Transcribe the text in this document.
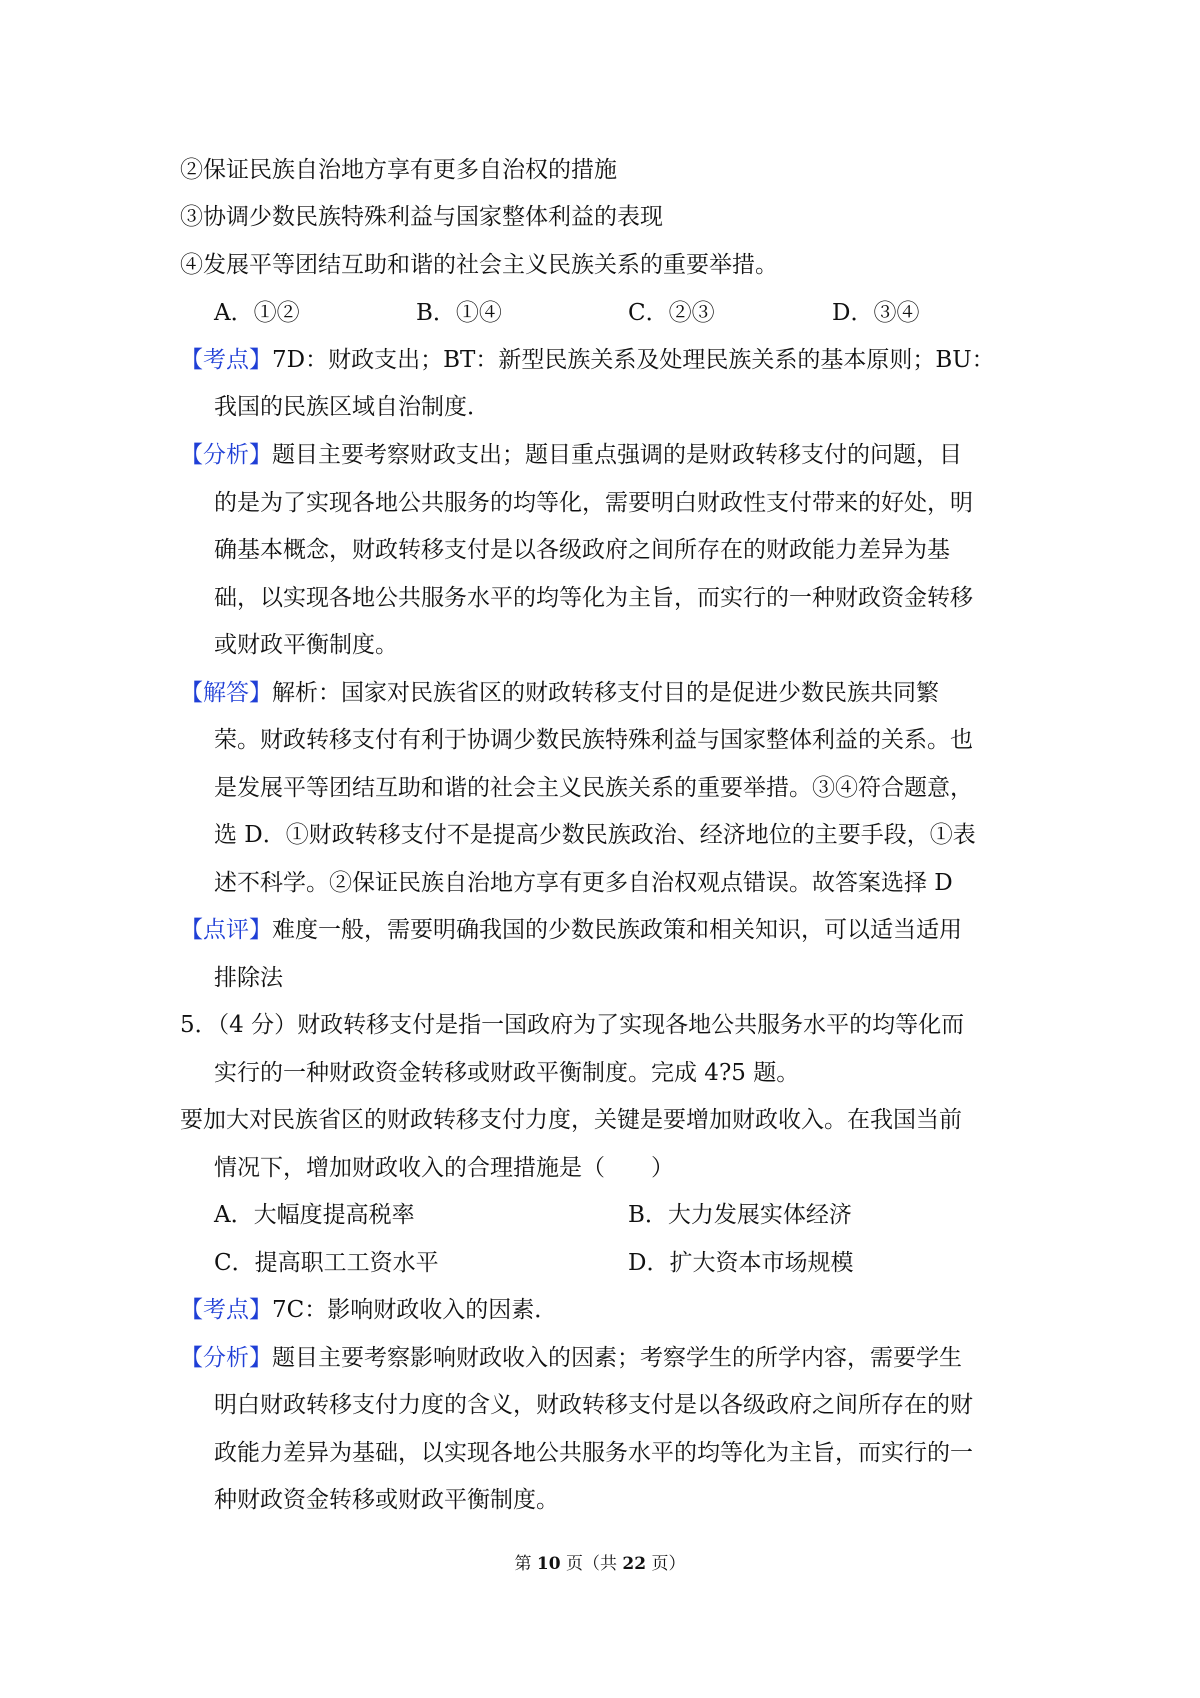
②保证民族自治地方享有更多自治权的措施
③协调少数民族特殊利益与国家整体利益的表现
④发展平等团结互助和谐的社会主义民族关系的重要举措。
A．①②	B．①④	C．②③	D．③④
【考点】7D：财政支出；BT：新型民族关系及处理民族关系的基本原则；BU：
我国的民族区域自治制度．
【分析】题目主要考察财政支出；题目重点强调的是财政转移支付的问题，目
的是为了实现各地公共服务的均等化，需要明白财政性支付带来的好处，明
确基本概念，财政转移支付是以各级政府之间所存在的财政能力差异为基
础，以实现各地公共服务水平的均等化为主旨，而实行的一种财政资金转移
或财政平衡制度。
【解答】解析：国家对民族省区的财政转移支付目的是促进少数民族共同繁
荣。财政转移支付有利于协调少数民族特殊利益与国家整体利益的关系。也
是发展平等团结互助和谐的社会主义民族关系的重要举措。③④符合题意，
选 D．①财政转移支付不是提高少数民族政治、经济地位的主要手段，①表
述不科学。②保证民族自治地方享有更多自治权观点错误。故答案选择 D
【点评】难度一般，需要明确我国的少数民族政策和相关知识，可以适当适用
排除法
5．（4 分）财政转移支付是指一国政府为了实现各地公共服务水平的均等化而
实行的一种财政资金转移或财政平衡制度。完成 4?5 题。
要加大对民族省区的财政转移支付力度，关键是要增加财政收入。在我国当前
情况下，增加财政收入的合理措施是（　　）
A．大幅度提高税率	B．大力发展实体经济
C．提高职工工资水平	D．扩大资本市场规模
【考点】7C：影响财政收入的因素．
【分析】题目主要考察影响财政收入的因素；考察学生的所学内容，需要学生
明白财政转移支付力度的含义，财政转移支付是以各级政府之间所存在的财
政能力差异为基础，以实现各地公共服务水平的均等化为主旨，而实行的一
种财政资金转移或财政平衡制度。
第 10 页（共 22 页）
